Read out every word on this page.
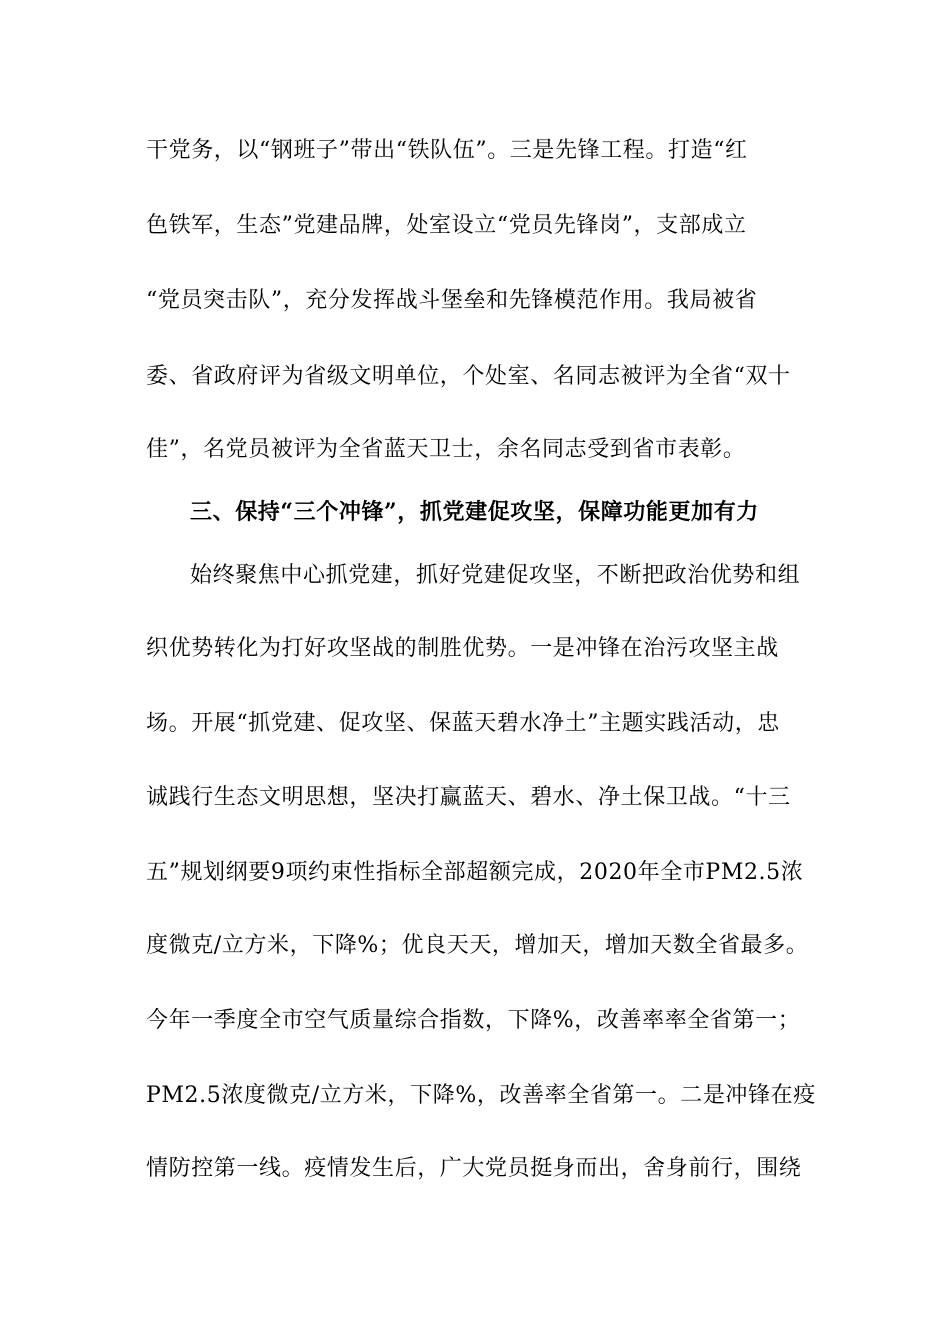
干党务，以“钢班子”带出“铁队伍”。三是先锋工程。打造“红
色铁军，生态”党建品牌，处室设立“党员先锋岗”，支部成立
“党员突击队”，充分发挥战斗堡垒和先锋模范作用。我局被省
委、省政府评为省级文明单位，个处室、名同志被评为全省“双十
佳”，名党员被评为全省蓝天卫士，余名同志受到省市表彰。
三、保持“三个冲锋”，抓党建促攻坚，保障功能更加有力
始终聚焦中心抓党建，抓好党建促攻坚，不断把政治优势和组
织优势转化为打好攻坚战的制胜优势。一是冲锋在治污攻坚主战
场。开展“抓党建、促攻坚、保蓝天碧水净土”主题实践活动，忠
诚践行生态文明思想，坚决打赢蓝天、碧水、净土保卫战。“十三
五”规划纲要9项约束性指标全部超额完成，2020年全市PM2.5浓
度微克/立方米，下降%；优良天天，增加天，增加天数全省最多。
今年一季度全市空气质量综合指数，下降%，改善率率全省第一；
PM2.5浓度微克/立方米，下降%，改善率全省第一。二是冲锋在疫
情防控第一线。疫情发生后，广大党员挺身而出，舍身前行，围绕
